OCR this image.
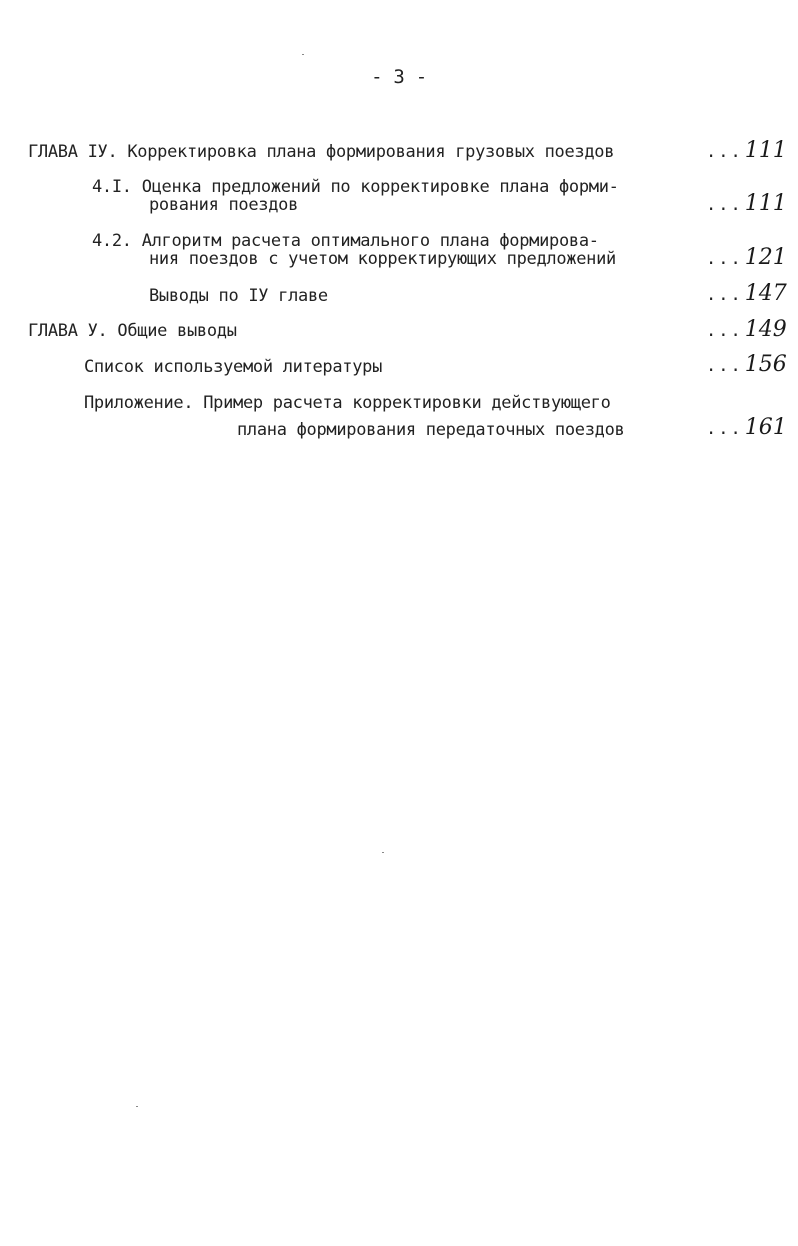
- 3 -
ГЛАВА IУ. Корректировка плана формирования грузовых поездов	...111
4.I. Оценка предложений по корректировке плана форми-
рования поездов	...111
4.2. Алгоритм расчета оптимального плана формирова-
ния поездов с учетом корректирующих предложений	...121
Выводы по IУ главе	...147
ГЛАВА У. Общие выводы	...149
Список используемой литературы	...156
Приложение. Пример расчета корректировки действующего
плана формирования передаточных поездов	...161
